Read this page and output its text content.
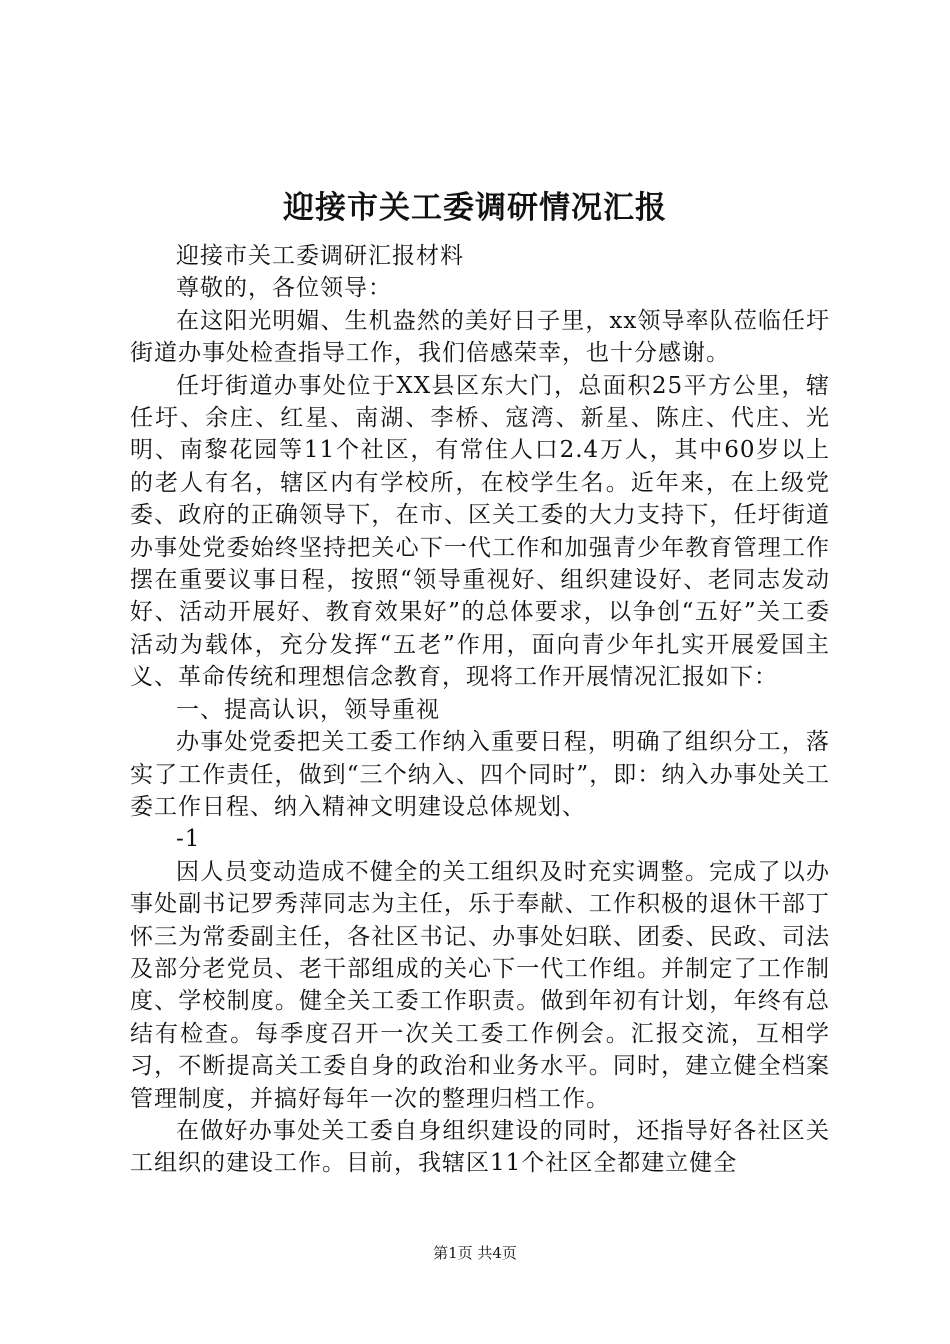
迎接市关工委调研情况汇报

迎接市关工委调研汇报材料

尊敬的，各位领导：

在这阳光明媚、生机盎然的美好日子里，xx领导率队莅临任圩街道办事处检查指导工作，我们倍感荣幸，也十分感谢。

任圩街道办事处位于XX县区东大门，总面积25平方公里，辖任圩、余庄、红星、南湖、李桥、寇湾、新星、陈庄、代庄、光明、南黎花园等11个社区，有常住人口2.4万人，其中60岁以上的老人有名，辖区内有学校所，在校学生名。近年来，在上级党委、政府的正确领导下，在市、区关工委的大力支持下，任圩街道办事处党委始终坚持把关心下一代工作和加强青少年教育管理工作摆在重要议事日程，按照“领导重视好、组织建设好、老同志发动好、活动开展好、教育效果好”的总体要求，以争创“五好”关工委活动为载体，充分发挥“五老”作用，面向青少年扎实开展爱国主义、革命传统和理想信念教育，现将工作开展情况汇报如下：

一、提高认识，领导重视

办事处党委把关工委工作纳入重要日程，明确了组织分工，落实了工作责任，做到“三个纳入、四个同时”，即：纳入办事处关工委工作日程、纳入精神文明建设总体规划、

-1

因人员变动造成不健全的关工组织及时充实调整。完成了以办事处副书记罗秀萍同志为主任，乐于奉献、工作积极的退休干部丁怀三为常委副主任，各社区书记、办事处妇联、团委、民政、司法及部分老党员、老干部组成的关心下一代工作组。并制定了工作制度、学校制度。健全关工委工作职责。做到年初有计划，年终有总结有检查。每季度召开一次关工委工作例会。汇报交流，互相学习，不断提高关工委自身的政治和业务水平。同时，建立健全档案管理制度，并搞好每年一次的整理归档工作。

在做好办事处关工委自身组织建设的同时，还指导好各社区关工组织的建设工作。目前，我辖区11个社区全都建立健全

第1页 共4页
